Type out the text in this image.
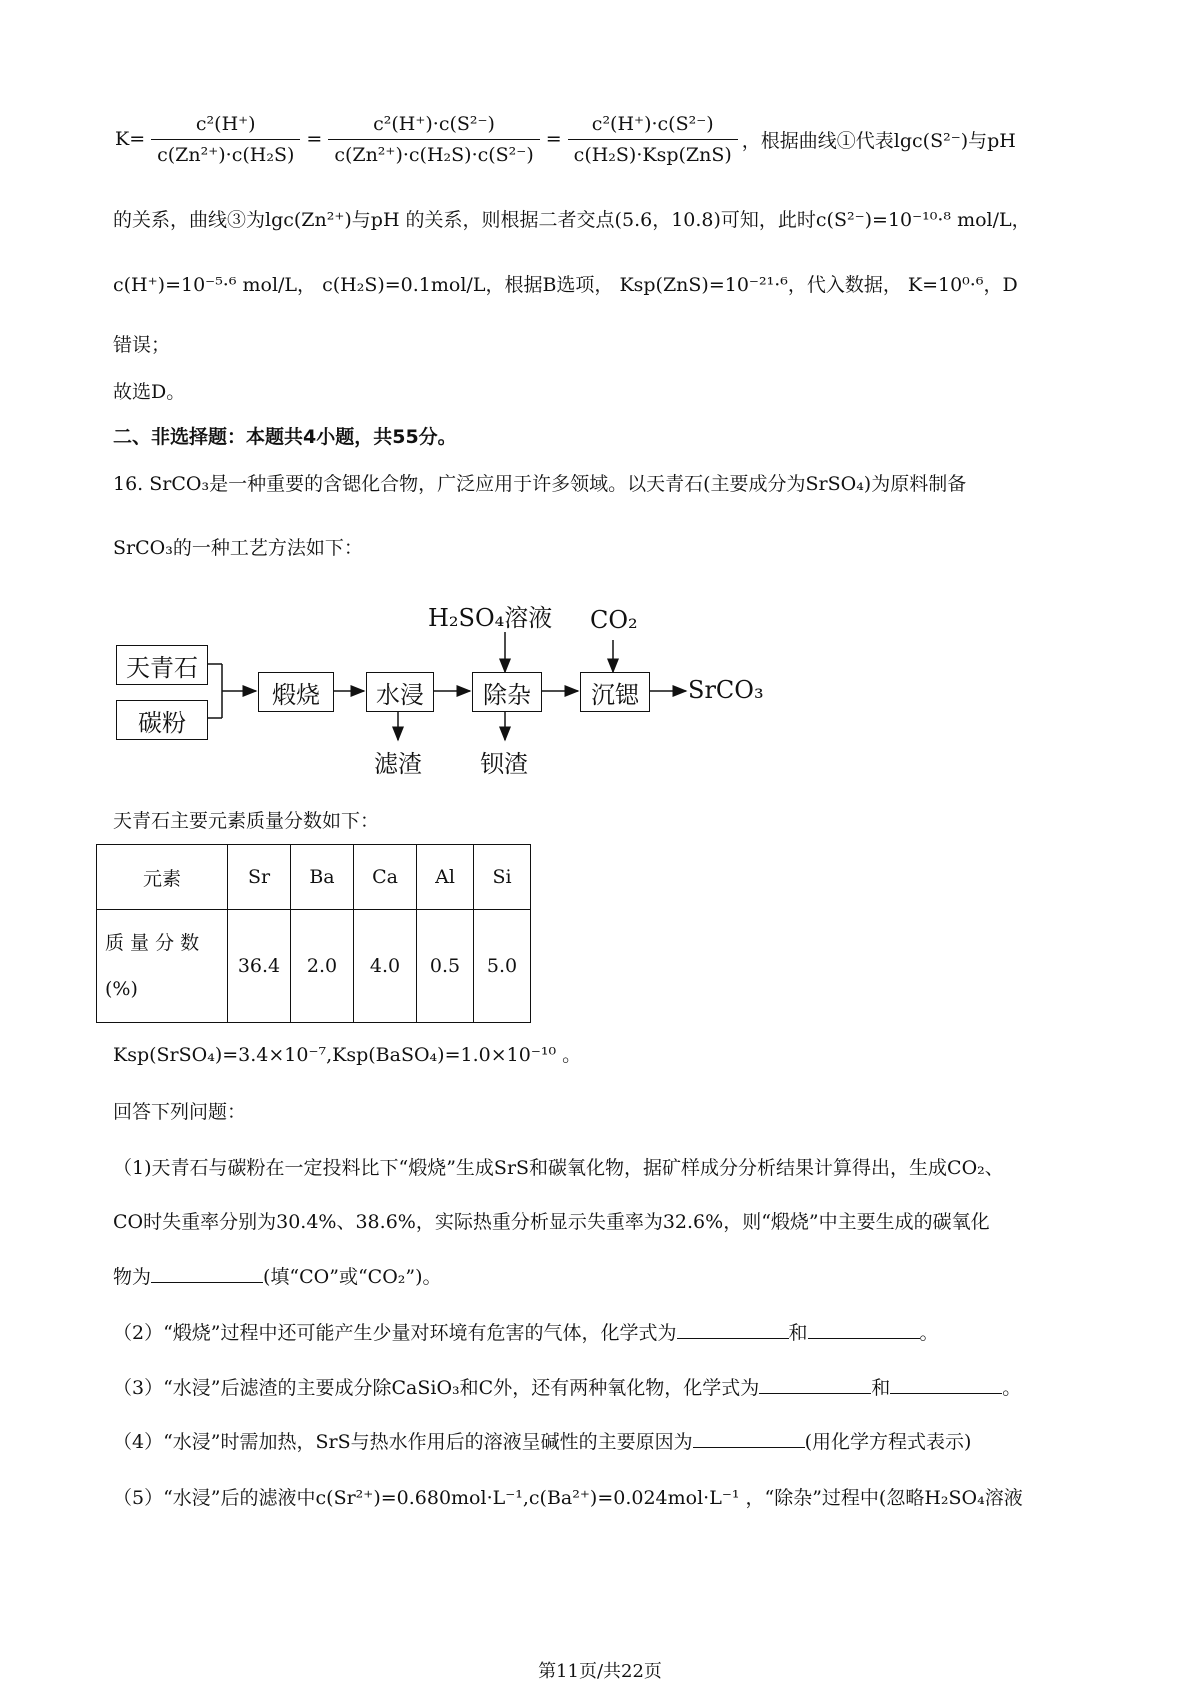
$K= \frac{\text{c²(H⁺)}}{\text{c(Zn²⁺)·c(H₂S)}} = \frac{\text{c²(H⁺)·c(S²⁻)}}{\text{c(Zn²⁺)·c(H₂S)·c(S²⁻)}} = \frac{\text{c²(H⁺)·c(S²⁻)}}{\text{c(H₂S)·Ksp(ZnS)}}$ ，根据曲线①代表lgc(S²⁻)与pH
的关系，曲线③为lgc(Zn²⁺)与pH 的关系，则根据二者交点(5.6，10.8)可知，此时c(S²⁻)=10⁻¹⁰·⁸ mol/L，
c(H⁺)=10⁻⁵·⁶ mol/L， c(H₂S)=0.1mol/L，根据B选项， Ksp(ZnS)=10⁻²¹·⁶，代入数据， K=10⁰·⁶，D
错误；
故选D。
二、非选择题：本题共4小题，共55分。
16. SrCO₃是一种重要的含锶化合物，广泛应用于许多领域。以天青石(主要成分为SrSO₄)为原料制备
SrCO₃的一种工艺方法如下：
天青石
碳粉
煅烧	水浸	除杂	沉锶	SrCO₃
H₂SO₄溶液 CO₂
滤渣 钡渣
天青石主要元素质量分数如下：
元素	Sr	Ba	Ca	Al	Si
质 量 分 数 (%)	36.4	2.0	4.0	0.5	5.0
Ksp(SrSO₄)=3.4×10⁻⁷,Ksp(BaSO₄)=1.0×10⁻¹⁰ 。
回答下列问题：
（1)天青石与碳粉在一定投料比下“煅烧”生成SrS和碳氧化物，据矿样成分分析结果计算得出，生成CO₂、
CO时失重率分别为30.4%、38.6%，实际热重分析显示失重率为32.6%，则“煅烧”中主要生成的碳氧化
物为	(填“CO”或“CO₂”)。
（2）“煅烧”过程中还可能产生少量对环境有危害的气体，化学式为	和	。
（3）“水浸”后滤渣的主要成分除CaSiO₃和C外，还有两种氧化物，化学式为	和	。
（4）“水浸”时需加热，SrS与热水作用后的溶液呈碱性的主要原因为	(用化学方程式表示)
（5）“水浸”后的滤液中c(Sr²⁺)=0.680mol·L⁻¹,c(Ba²⁺)=0.024mol·L⁻¹ ，“除杂”过程中(忽略H₂SO₄溶液
第11页/共22页
